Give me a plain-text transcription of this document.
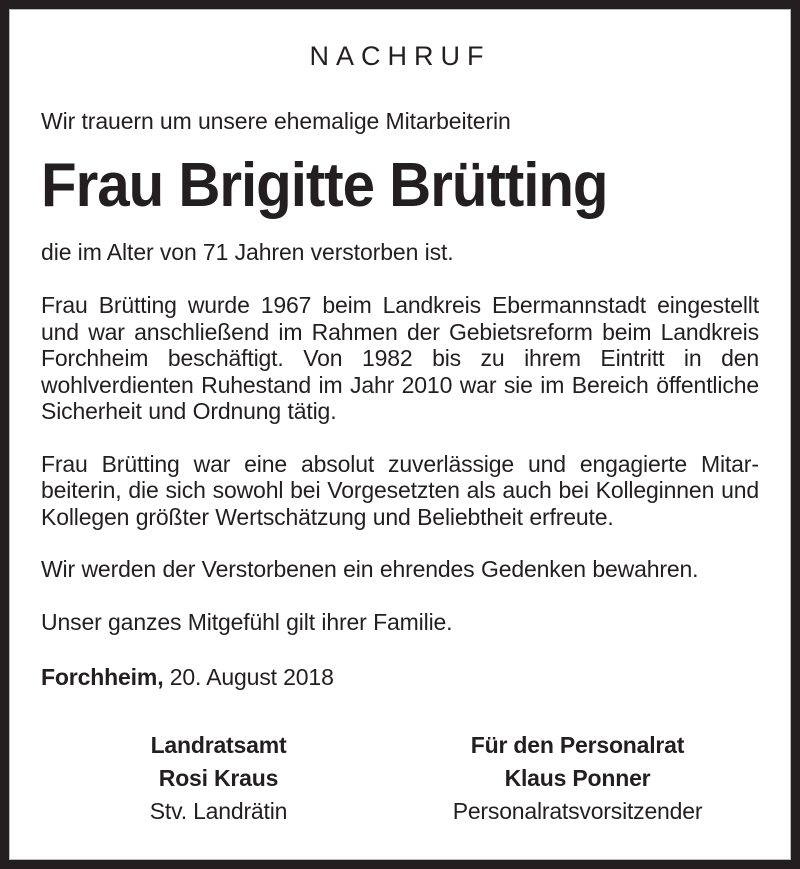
NACHRUF

Wir trauern um unsere ehemalige Mitarbeiterin

Frau Brigitte Brütting

die im Alter von 71 Jahren verstorben ist.

Frau Brütting wurde 1967 beim Landkreis Ebermannstadt eingestellt und war anschließend im Rahmen der Gebietsreform beim Landkreis Forchheim beschäftigt. Von 1982 bis zu ihrem Eintritt in den wohlverdienten Ruhestand im Jahr 2010 war sie im Bereich öffentliche Sicherheit und Ordnung tätig.

Frau Brütting war eine absolut zuverlässige und engagierte Mitarbeiterin, die sich sowohl bei Vorgesetzten als auch bei Kolleginnen und Kollegen größter Wertschätzung und Beliebtheit erfreute.

Wir werden der Verstorbenen ein ehrendes Gedenken bewahren.

Unser ganzes Mitgefühl gilt ihrer Familie.

Forchheim, 20. August 2018

Landratsamt
Rosi Kraus
Stv. Landrätin
Für den Personalrat
Klaus Ponner
Personalratsvorsitzender
